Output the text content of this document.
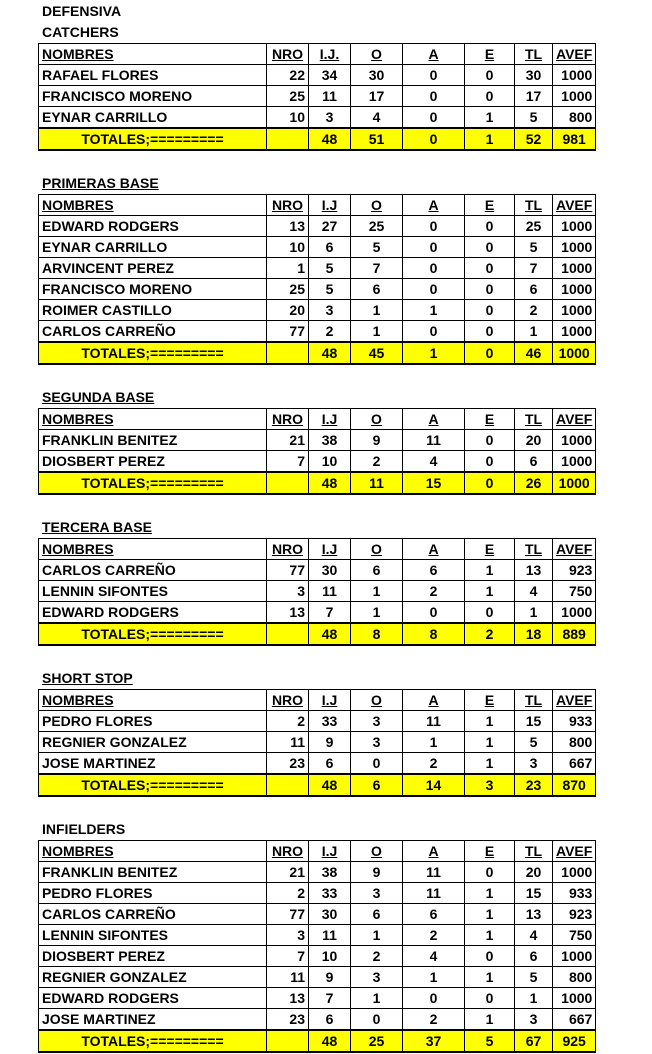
DEFENSIVA
CATCHERS
NOMBRES	NRO	I.J.	O	A	E	TL	AVEF
RAFAEL FLORES	22	34	30	0	0	30	1000
FRANCISCO MORENO	25	11	17	0	0	17	1000
EYNAR CARRILLO	10	3	4	0	1	5	800
TOTALES;=========		48	51	0	1	52	981
PRIMERAS BASE
NOMBRES	NRO	I.J	O	A	E	TL	AVEF
EDWARD RODGERS	13	27	25	0	0	25	1000
EYNAR CARRILLO	10	6	5	0	0	5	1000
ARVINCENT PEREZ	1	5	7	0	0	7	1000
FRANCISCO MORENO	25	5	6	0	0	6	1000
ROIMER CASTILLO	20	3	1	1	0	2	1000
CARLOS CARREÑO	77	2	1	0	0	1	1000
TOTALES;=========		48	45	1	0	46	1000
SEGUNDA BASE
NOMBRES	NRO	I.J	O	A	E	TL	AVEF
FRANKLIN BENITEZ	21	38	9	11	0	20	1000
DIOSBERT PEREZ	7	10	2	4	0	6	1000
TOTALES;=========		48	11	15	0	26	1000
TERCERA BASE
NOMBRES	NRO	I.J	O	A	E	TL	AVEF
CARLOS CARREÑO	77	30	6	6	1	13	923
LENNIN SIFONTES	3	11	1	2	1	4	750
EDWARD RODGERS	13	7	1	0	0	1	1000
TOTALES;=========		48	8	8	2	18	889
SHORT STOP
NOMBRES	NRO	I.J	O	A	E	TL	AVEF
PEDRO FLORES	2	33	3	11	1	15	933
REGNIER GONZALEZ	11	9	3	1	1	5	800
JOSE MARTINEZ	23	6	0	2	1	3	667
TOTALES;=========		48	6	14	3	23	870
INFIELDERS
NOMBRES	NRO	I.J	O	A	E	TL	AVEF
FRANKLIN BENITEZ	21	38	9	11	0	20	1000
PEDRO FLORES	2	33	3	11	1	15	933
CARLOS CARREÑO	77	30	6	6	1	13	923
LENNIN SIFONTES	3	11	1	2	1	4	750
DIOSBERT PEREZ	7	10	2	4	0	6	1000
REGNIER GONZALEZ	11	9	3	1	1	5	800
EDWARD RODGERS	13	7	1	0	0	1	1000
JOSE MARTINEZ	23	6	0	2	1	3	667
TOTALES;=========		48	25	37	5	67	925
